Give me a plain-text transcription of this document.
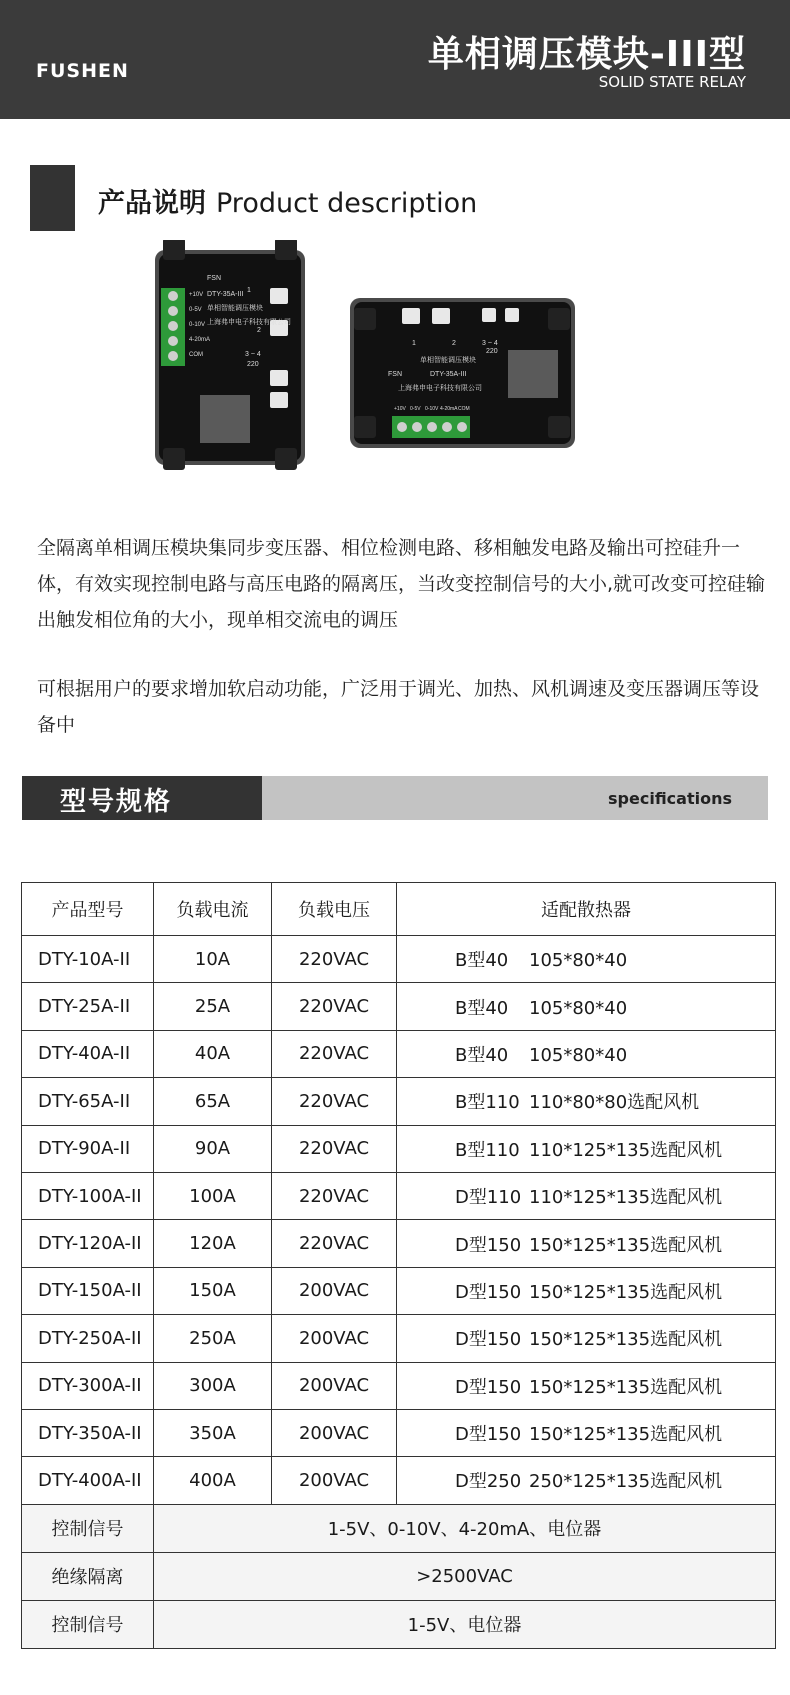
FUSHEN	单相调压模块-III型
SOLID STATE RELAY
产品说明 Product description
FSN
DTY-35A-III
单相智能调压模块
上海弗申电子科技有限公司
1
2
3 ~ 4
220
+10V
0-5V
0-10V
4-20mA
COM
单相智能调压模块
FSN	DTY-35A-III
上海弗申电子科技有限公司
1	2	3 ~ 4
220
+10V 0-5V 0-10V 4-20mA COM
全隔离单相调压模块集同步变压器、相位检测电路、移相触发电路及输出可控硅升一体，有效实现控制电路与高压电路的隔离压，当改变控制信号的大小,就可改变可控硅输出触发相位角的大小，现单相交流电的调压
可根据用户的要求增加软启动功能，广泛用于调光、加热、风机调速及变压器调压等设备中
型号规格	specifications
产品型号	负载电流	负载电压	适配散热器
DTY-10A-II	10A	220VAC	B型40 105*80*40
DTY-25A-II	25A	220VAC	B型40 105*80*40
DTY-40A-II	40A	220VAC	B型40 105*80*40
DTY-65A-II	65A	220VAC	B型110 110*80*80选配风机
DTY-90A-II	90A	220VAC	B型110 110*125*135选配风机
DTY-100A-II	100A	220VAC	D型110 110*125*135选配风机
DTY-120A-II	120A	220VAC	D型150 150*125*135选配风机
DTY-150A-II	150A	200VAC	D型150 150*125*135选配风机
DTY-250A-II	250A	200VAC	D型150 150*125*135选配风机
DTY-300A-II	300A	200VAC	D型150 150*125*135选配风机
DTY-350A-II	350A	200VAC	D型150 150*125*135选配风机
DTY-400A-II	400A	200VAC	D型250 250*125*135选配风机
控制信号	1-5V、0-10V、4-20mA、电位器		
绝缘隔离	>2500VAC		
控制信号	1-5V、电位器		
